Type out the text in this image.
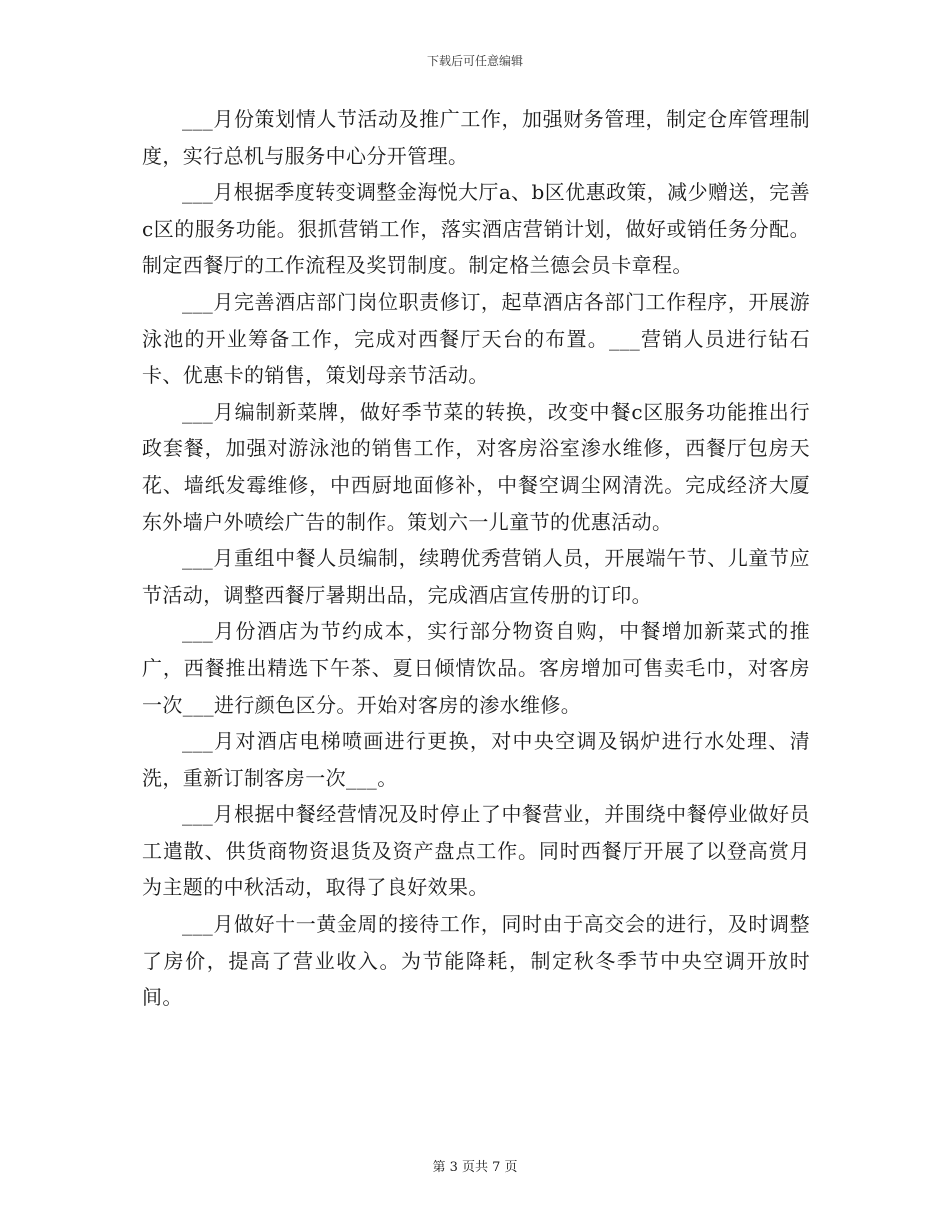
下载后可任意编辑

___月份策划情人节活动及推广工作，加强财务管理，制定仓库管理制度，实行总机与服务中心分开管理。

___月根据季度转变调整金海悦大厅a、b区优惠政策，减少赠送，完善c区的服务功能。狠抓营销工作，落实酒店营销计划，做好或销任务分配。制定西餐厅的工作流程及奖罚制度。制定格兰德会员卡章程。

___月完善酒店部门岗位职责修订，起草酒店各部门工作程序，开展游泳池的开业筹备工作，完成对西餐厅天台的布置。___营销人员进行钻石卡、优惠卡的销售，策划母亲节活动。

___月编制新菜牌，做好季节菜的转换，改变中餐c区服务功能推出行政套餐，加强对游泳池的销售工作，对客房浴室渗水维修，西餐厅包房天花、墙纸发霉维修，中西厨地面修补，中餐空调尘网清洗。完成经济大厦东外墙户外喷绘广告的制作。策划六一儿童节的优惠活动。

___月重组中餐人员编制，续聘优秀营销人员，开展端午节、儿童节应节活动，调整西餐厅暑期出品，完成酒店宣传册的订印。

___月份酒店为节约成本，实行部分物资自购，中餐增加新菜式的推广，西餐推出精选下午茶、夏日倾情饮品。客房增加可售卖毛巾，对客房一次___进行颜色区分。开始对客房的渗水维修。

___月对酒店电梯喷画进行更换，对中央空调及锅炉进行水处理、清洗，重新订制客房一次___。

___月根据中餐经营情况及时停止了中餐营业，并围绕中餐停业做好员工遣散、供货商物资退货及资产盘点工作。同时西餐厅开展了以登高赏月为主题的中秋活动，取得了良好效果。

___月做好十一黄金周的接待工作，同时由于高交会的进行，及时调整了房价，提高了营业收入。为节能降耗，制定秋冬季节中央空调开放时间。

第 3 页共 7 页
